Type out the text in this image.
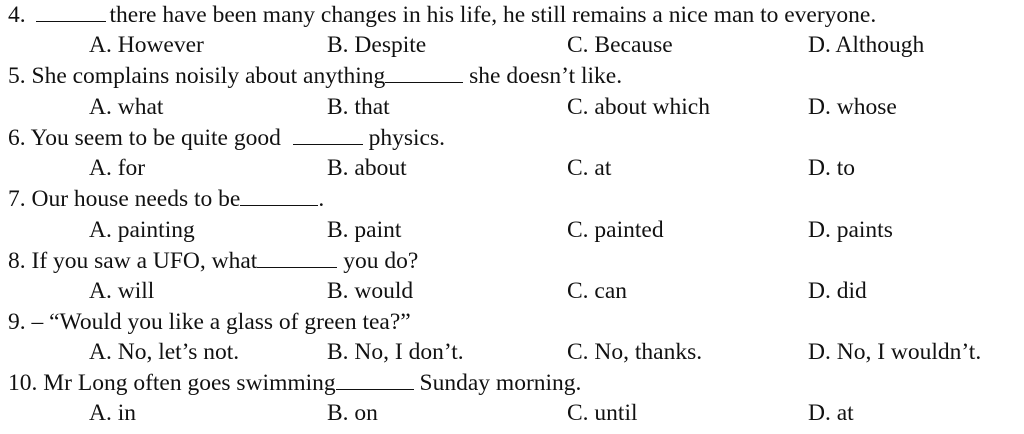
4.	there have been many changes in his life, he still remains a nice man to everyone.
A. However	B. Despite	C. Because	D. Although
5. She complains noisily about anything	she doesn’t like.
A. what	B. that	C. about which	D. whose
6. You seem to be quite good	physics.
A. for	B. about	C. at	D. to
7. Our house needs to be	.
A. painting	B. paint	C. painted	D. paints
8. If you saw a UFO, what	you do?
A. will	B. would	C. can	D. did
9. – “Would you like a glass of green tea?”
A. No, let’s not.	B. No, I don’t.	C. No, thanks.	D. No, I wouldn’t.
10. Mr Long often goes swimming	Sunday morning.
A. in	B. on	C. until	D. at
